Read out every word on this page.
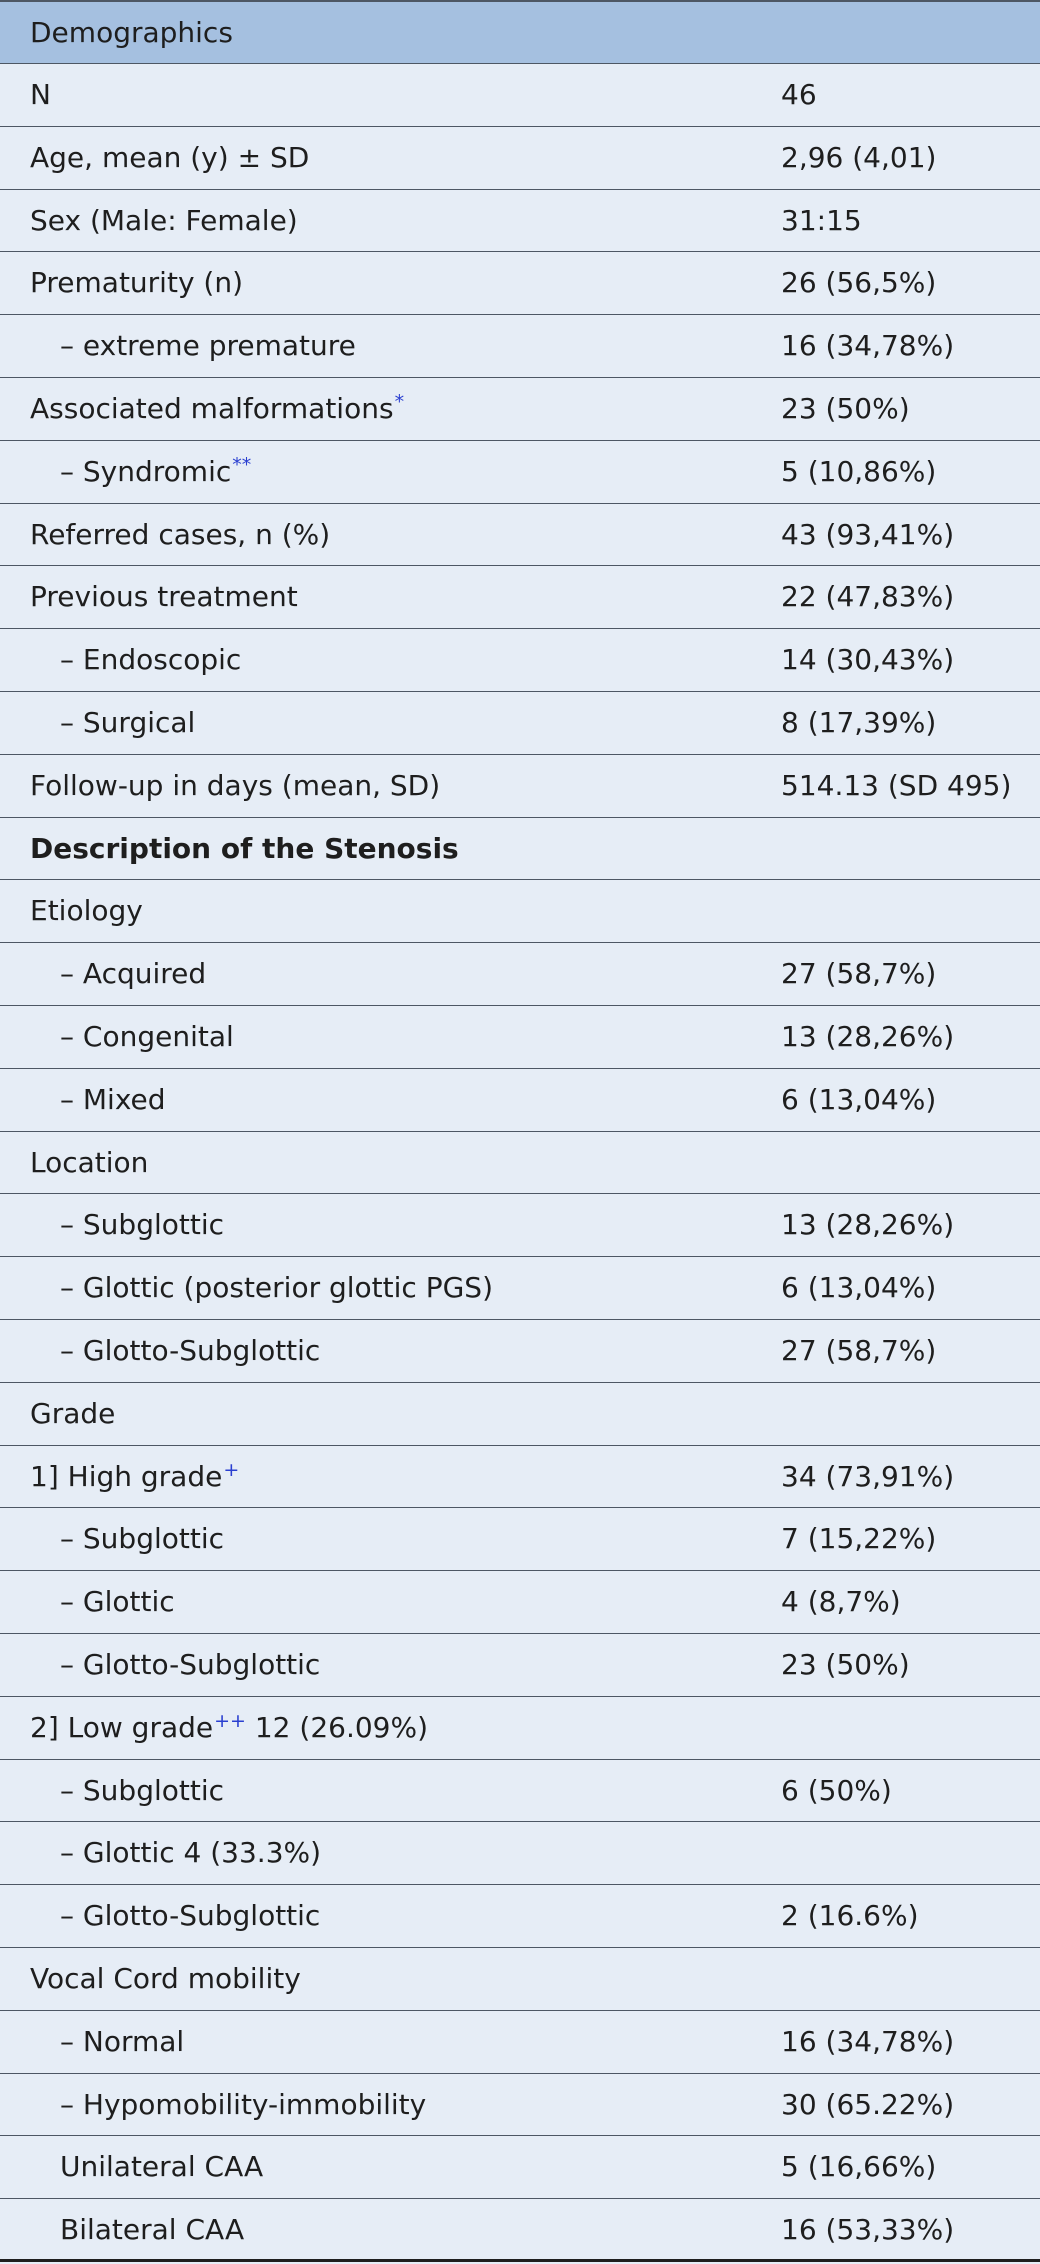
Demographics
N	46
Age, mean (y) ± SD	2,96 (4,01)
Sex (Male: Female)	31:15
Prematurity (n)	26 (56,5%)
– extreme premature	16 (34,78%)
Associated malformations*	23 (50%)
– Syndromic**	5 (10,86%)
Referred cases, n (%)	43 (93,41%)
Previous treatment	22 (47,83%)
– Endoscopic	14 (30,43%)
– Surgical	8 (17,39%)
Follow-up in days (mean, SD)	514.13 (SD 495)
Description of the Stenosis
Etiology
– Acquired	27 (58,7%)
– Congenital	13 (28,26%)
– Mixed	6 (13,04%)
Location
– Subglottic	13 (28,26%)
– Glottic (posterior glottic PGS)	6 (13,04%)
– Glotto-Subglottic	27 (58,7%)
Grade
1] High grade+	34 (73,91%)
– Subglottic	7 (15,22%)
– Glottic	4 (8,7%)
– Glotto-Subglottic	23 (50%)
2] Low grade++ 12 (26.09%)
– Subglottic	6 (50%)
– Glottic 4 (33.3%)
– Glotto-Subglottic	2 (16.6%)
Vocal Cord mobility
– Normal	16 (34,78%)
– Hypomobility-immobility	30 (65.22%)
Unilateral CAA	5 (16,66%)
Bilateral CAA	16 (53,33%)
